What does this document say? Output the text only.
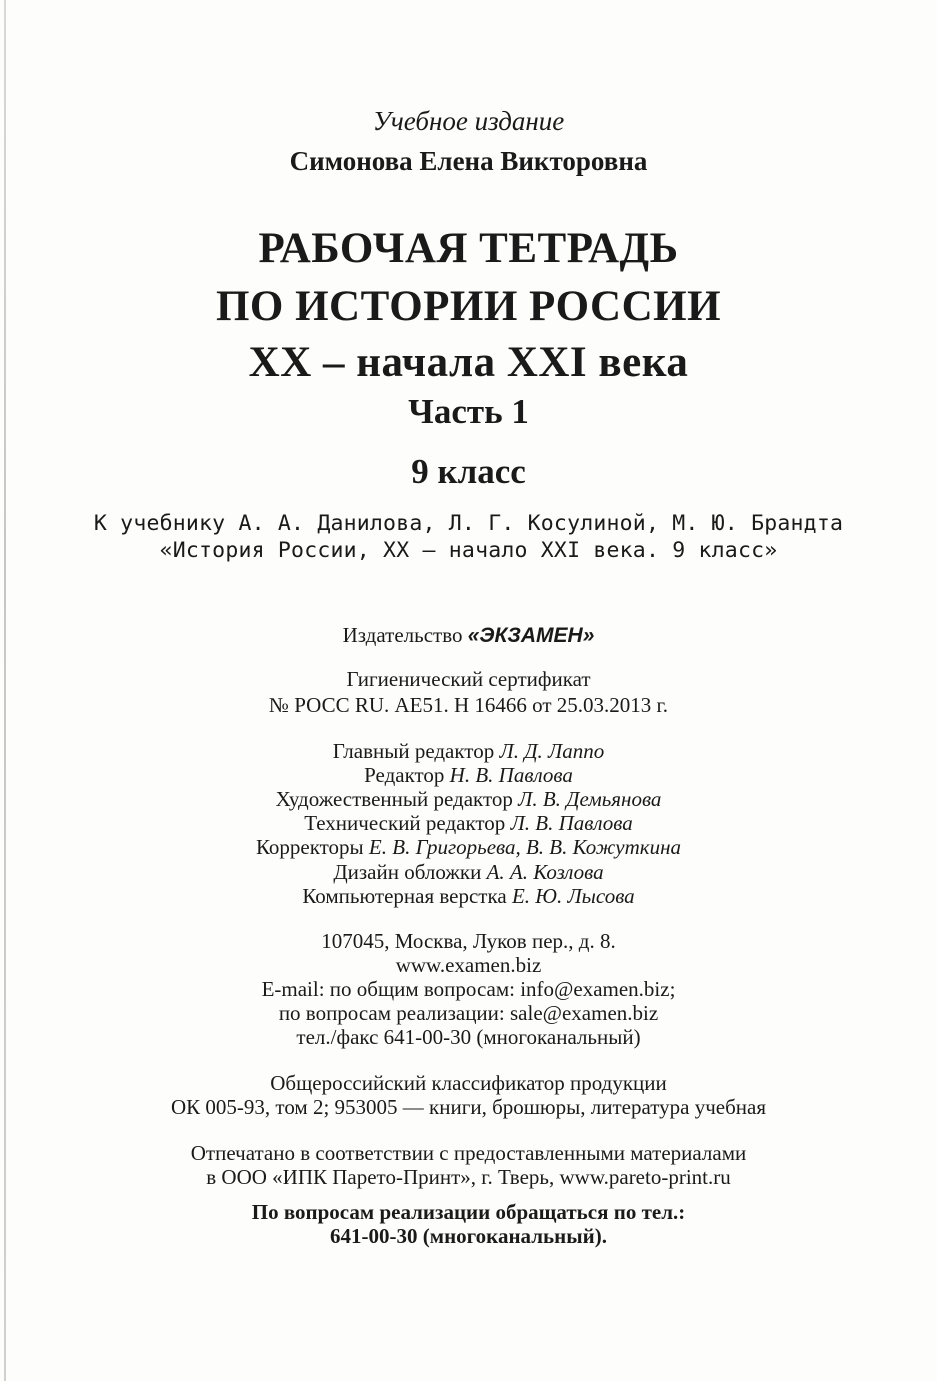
Учебное издание
Симонова Елена Викторовна
РАБОЧАЯ ТЕТРАДЬ
ПО ИСТОРИИ РОССИИ
XX – начала XXI века
Часть 1
9 класс
К учебнику А. А. Данилова, Л. Г. Косулиной, М. Ю. Брандта
«История России, XX – начало XXI века. 9 класс»
Издательство «ЭКЗАМЕН»
Гигиенический сертификат
№ РОСС RU. АЕ51. Н 16466 от 25.03.2013 г.
Главный редактор Л. Д. Лаппо
Редактор Н. В. Павлова
Художественный редактор Л. В. Демьянова
Технический редактор Л. В. Павлова
Корректоры Е. В. Григорьева, В. В. Кожуткина
Дизайн обложки А. А. Козлова
Компьютерная верстка Е. Ю. Лысова
107045, Москва, Луков пер., д. 8.
www.examen.biz
E-mail: по общим вопросам: info@examen.biz;
по вопросам реализации: sale@examen.biz
тел./факс 641-00-30 (многоканальный)
Общероссийский классификатор продукции
ОК 005-93, том 2; 953005 — книги, брошюры, литература учебная
Отпечатано в соответствии с предоставленными материалами
в ООО «ИПК Парето-Принт», г. Тверь, www.pareto-print.ru
По вопросам реализации обращаться по тел.:
641-00-30 (многоканальный).
